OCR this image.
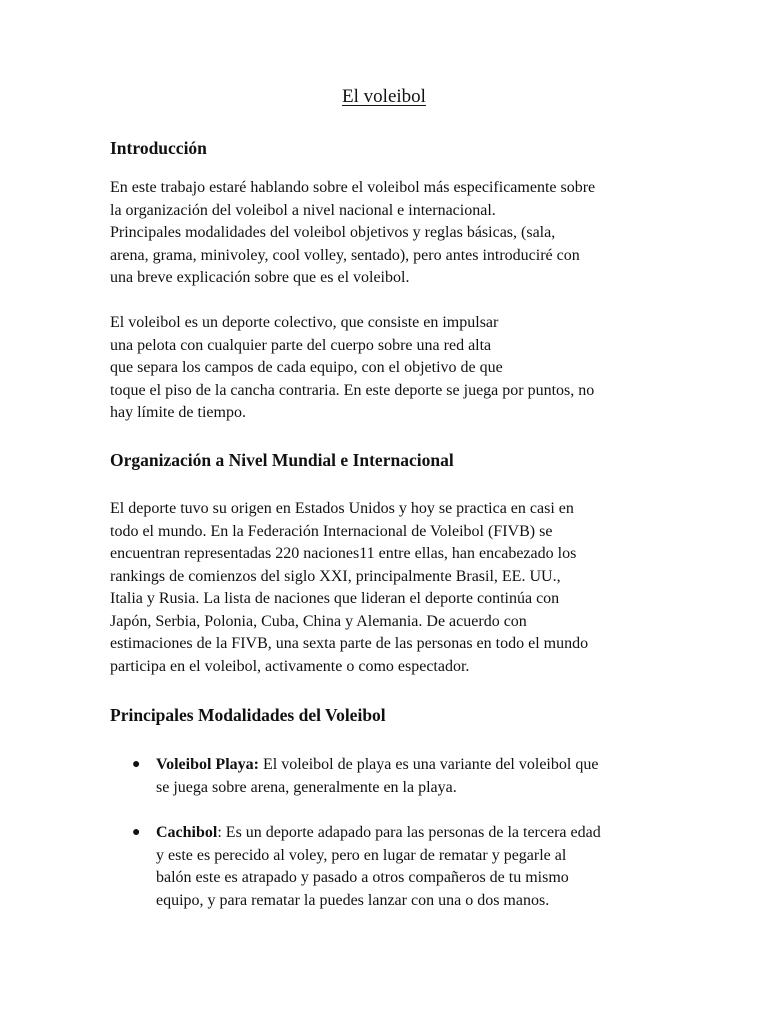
El voleibol
Introducción

En este trabajo estaré hablando sobre el voleibol más especificamente sobre
la organización del voleibol a nivel nacional e internacional.
Principales modalidades del voleibol objetivos y reglas básicas, (sala,
arena, grama, minivoley, cool volley, sentado), pero antes introduciré con
una breve explicación sobre que es el voleibol.

El voleibol es un deporte colectivo, que consiste en impulsar
una pelota con cualquier parte del cuerpo sobre una red alta
que separa los campos de cada equipo, con el objetivo de que
toque el piso de la cancha contraria. En este deporte se juega por puntos, no
hay límite de tiempo.

Organización a Nivel Mundial e Internacional

El deporte tuvo su origen en Estados Unidos y hoy se practica en casi en
todo el mundo. En la Federación Internacional de Voleibol (FIVB) se
encuentran representadas 220 naciones11 entre ellas, han encabezado los
rankings de comienzos del siglo XXI, principalmente Brasil, EE. UU.,
Italia y Rusia. La lista de naciones que lideran el deporte continúa con
Japón, Serbia, Polonia, Cuba, China y Alemania. De acuerdo con
estimaciones de la FIVB, una sexta parte de las personas en todo el mundo
participa en el voleibol, activamente o como espectador.

Principales Modalidades del Voleibol
● Voleibol Playa: El voleibol de playa es una variante del voleibol que
se juega sobre arena, generalmente en la playa.
● Cachibol: Es un deporte adapado para las personas de la tercera edad
y este es perecido al voley, pero en lugar de rematar y pegarle al
balón este es atrapado y pasado a otros compañeros de tu mismo
equipo, y para rematar la puedes lanzar con una o dos manos.
